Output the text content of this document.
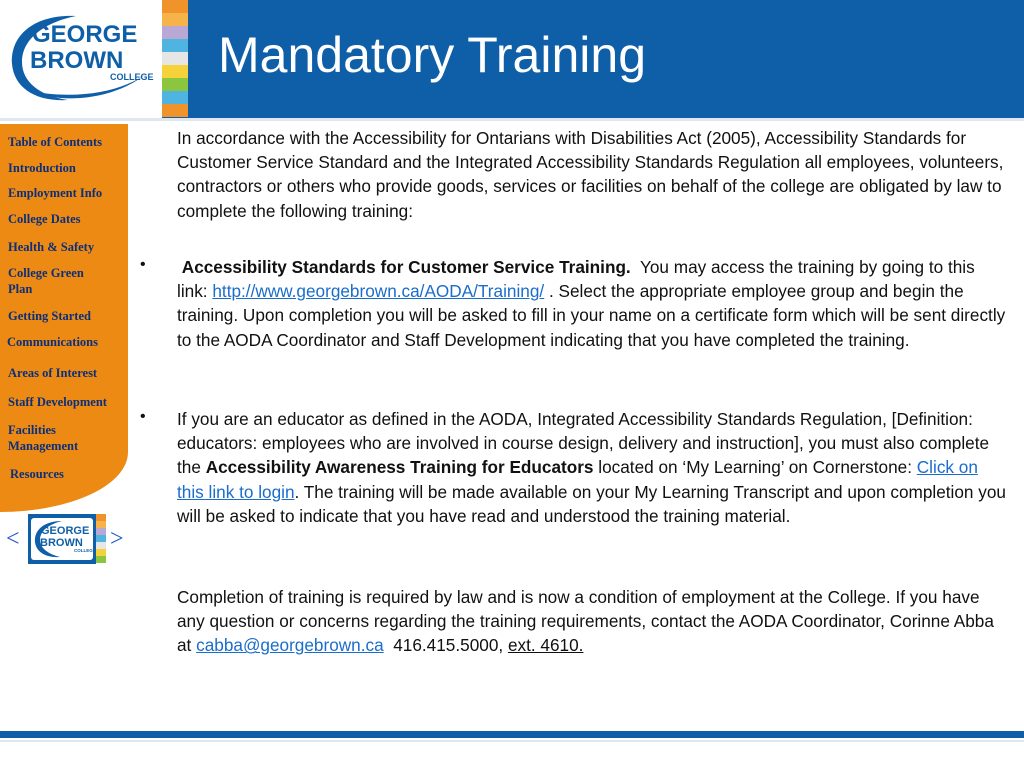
GEORGE
BROWN
COLLEGE Mandatory Training
Table of Contents
Introduction
Employment Info
College Dates
Health & Safety
College Green Plan
Getting Started
Communications
Areas of Interest
Staff Development
Facilities Management
Resources
< GEORGE
BROWN
COLLEGE >

In accordance with the Accessibility for Ontarians with Disabilities Act (2005), Accessibility Standards for Customer Service Standard and the Integrated Accessibility Standards Regulation all employees, volunteers, contractors or others who provide goods, services or facilities on behalf of the college are obligated by law to complete the following training:

• Accessibility Standards for Customer Service Training. You may access the training by going to this link: http://www.georgebrown.ca/AODA/Training/ . Select the appropriate employee group and begin the training. Upon completion you will be asked to fill in your name on a certificate form which will be sent directly to the AODA Coordinator and Staff Development indicating that you have completed the training.

• If you are an educator as defined in the AODA, Integrated Accessibility Standards Regulation, [Definition: educators: employees who are involved in course design, delivery and instruction], you must also complete the Accessibility Awareness Training for Educators located on ‘My Learning’ on Cornerstone: Click on this link to login. The training will be made available on your My Learning Transcript and upon completion you will be asked to indicate that you have read and understood the training material.

Completion of training is required by law and is now a condition of employment at the College. If you have any question or concerns regarding the training requirements, contact the AODA Coordinator, Corinne Abba at cabba@georgebrown.ca 416.415.5000, ext. 4610.
